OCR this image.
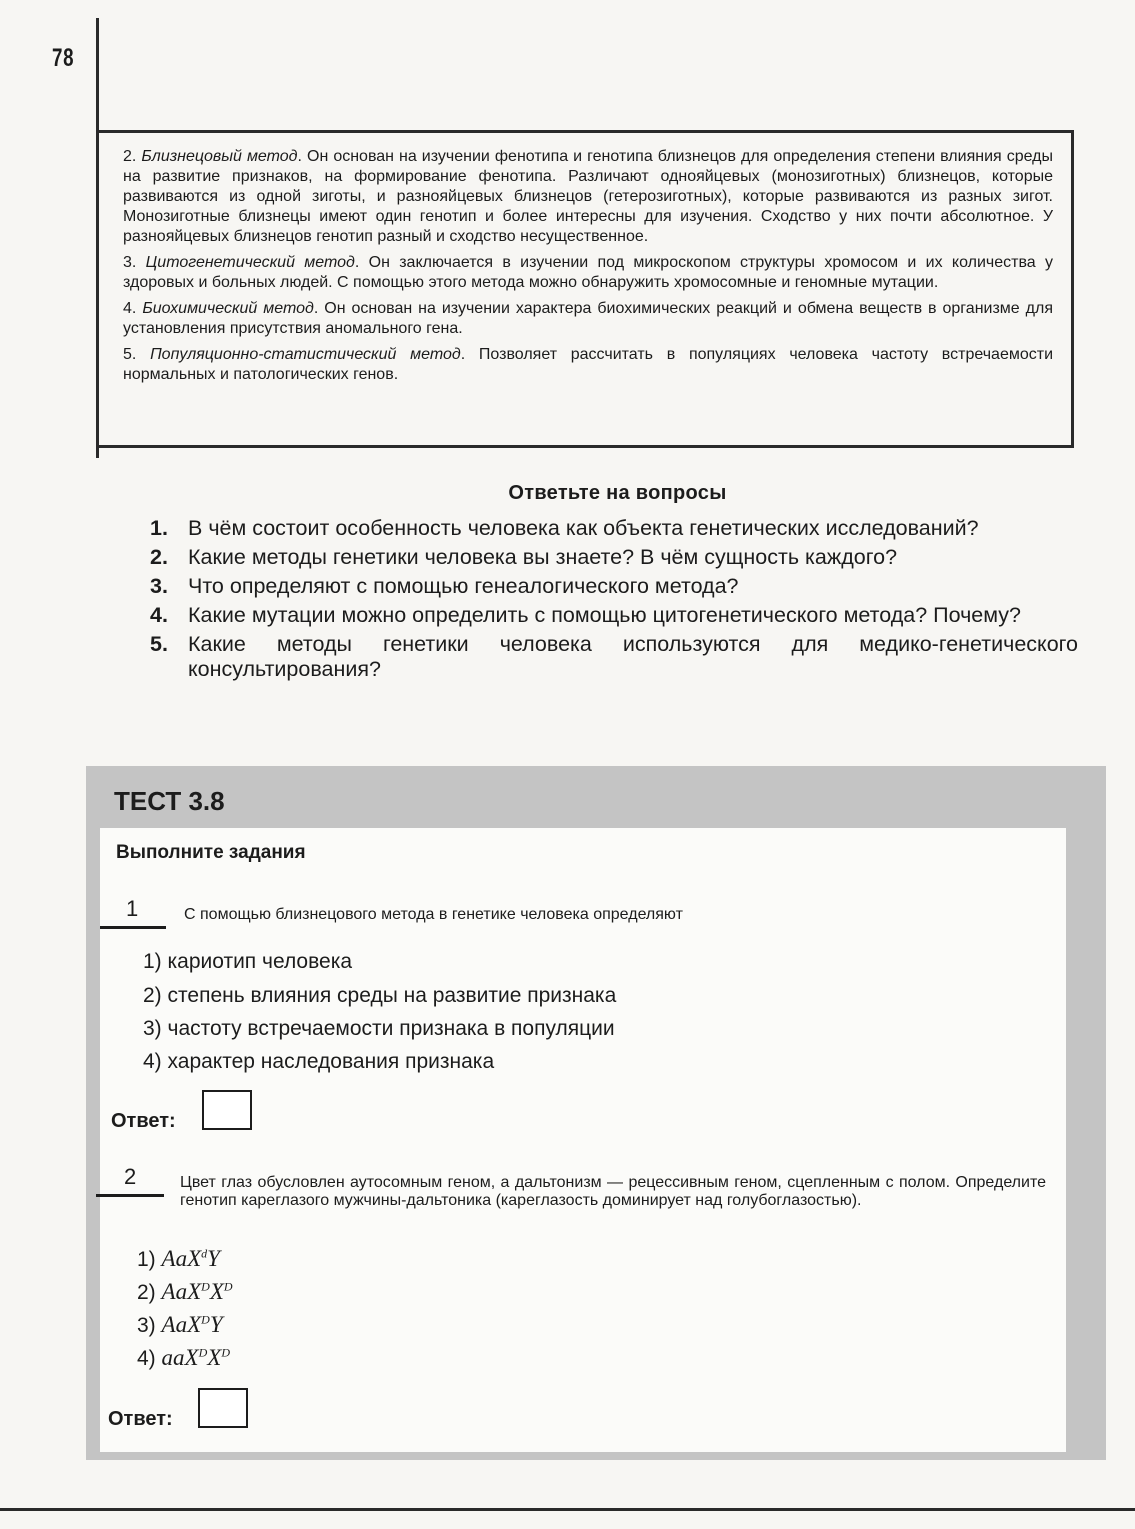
78

2. Близнецовый метод. Он основан на изучении фенотипа и генотипа близнецов для определения степени влияния среды на развитие признаков, на формирование фенотипа. Различают однояйцевых (монозиготных) близнецов, которые развиваются из одной зиготы, и разнояйцевых близнецов (гетерозиготных), которые развиваются из разных зигот. Монозиготные близнецы имеют один генотип и более интересны для изучения. Сходство у них почти абсолютное. У разнояйцевых близнецов генотип разный и сходство несущественное.

3. Цитогенетический метод. Он заключается в изучении под микроскопом структуры хромосом и их количества у здоровых и больных людей. С помощью этого метода можно обнаружить хромосомные и геномные мутации.

4. Биохимический метод. Он основан на изучении характера биохимических реакций и обмена веществ в организме для установления присутствия аномального гена.

5. Популяционно-статистический метод. Позволяет рассчитать в популяциях человека частоту встречаемости нормальных и патологических генов.

Ответьте на вопросы
1. В чём состоит особенность человека как объекта генетических исследований?
2. Какие методы генетики человека вы знаете? В чём сущность каждого?
3. Что определяют с помощью генеалогического метода?
4. Какие мутации можно определить с помощью цитогенетического метода? Почему?
5. Какие методы генетики человека используются для медико-генетического консультирования?
ТЕСТ 3.8
Выполните задания
1	С помощью близнецового метода в генетике человека определяют
1) кариотип человека
2) степень влияния среды на развитие признака
3) частоту встречаемости признака в популяции
4) характер наследования признака
Ответ:
2	Цвет глаз обусловлен аутосомным геном, а дальтонизм — рецессивным геном, сцепленным с полом. Определите генотип кареглазого мужчины-дальтоника (кареглазость доминирует над голубоглазостью).
1) AaX$^d$Y
2) $AaX^DX^D$
3) AaX$^D$Y
4) $aaX^DX^D$
Ответ:
